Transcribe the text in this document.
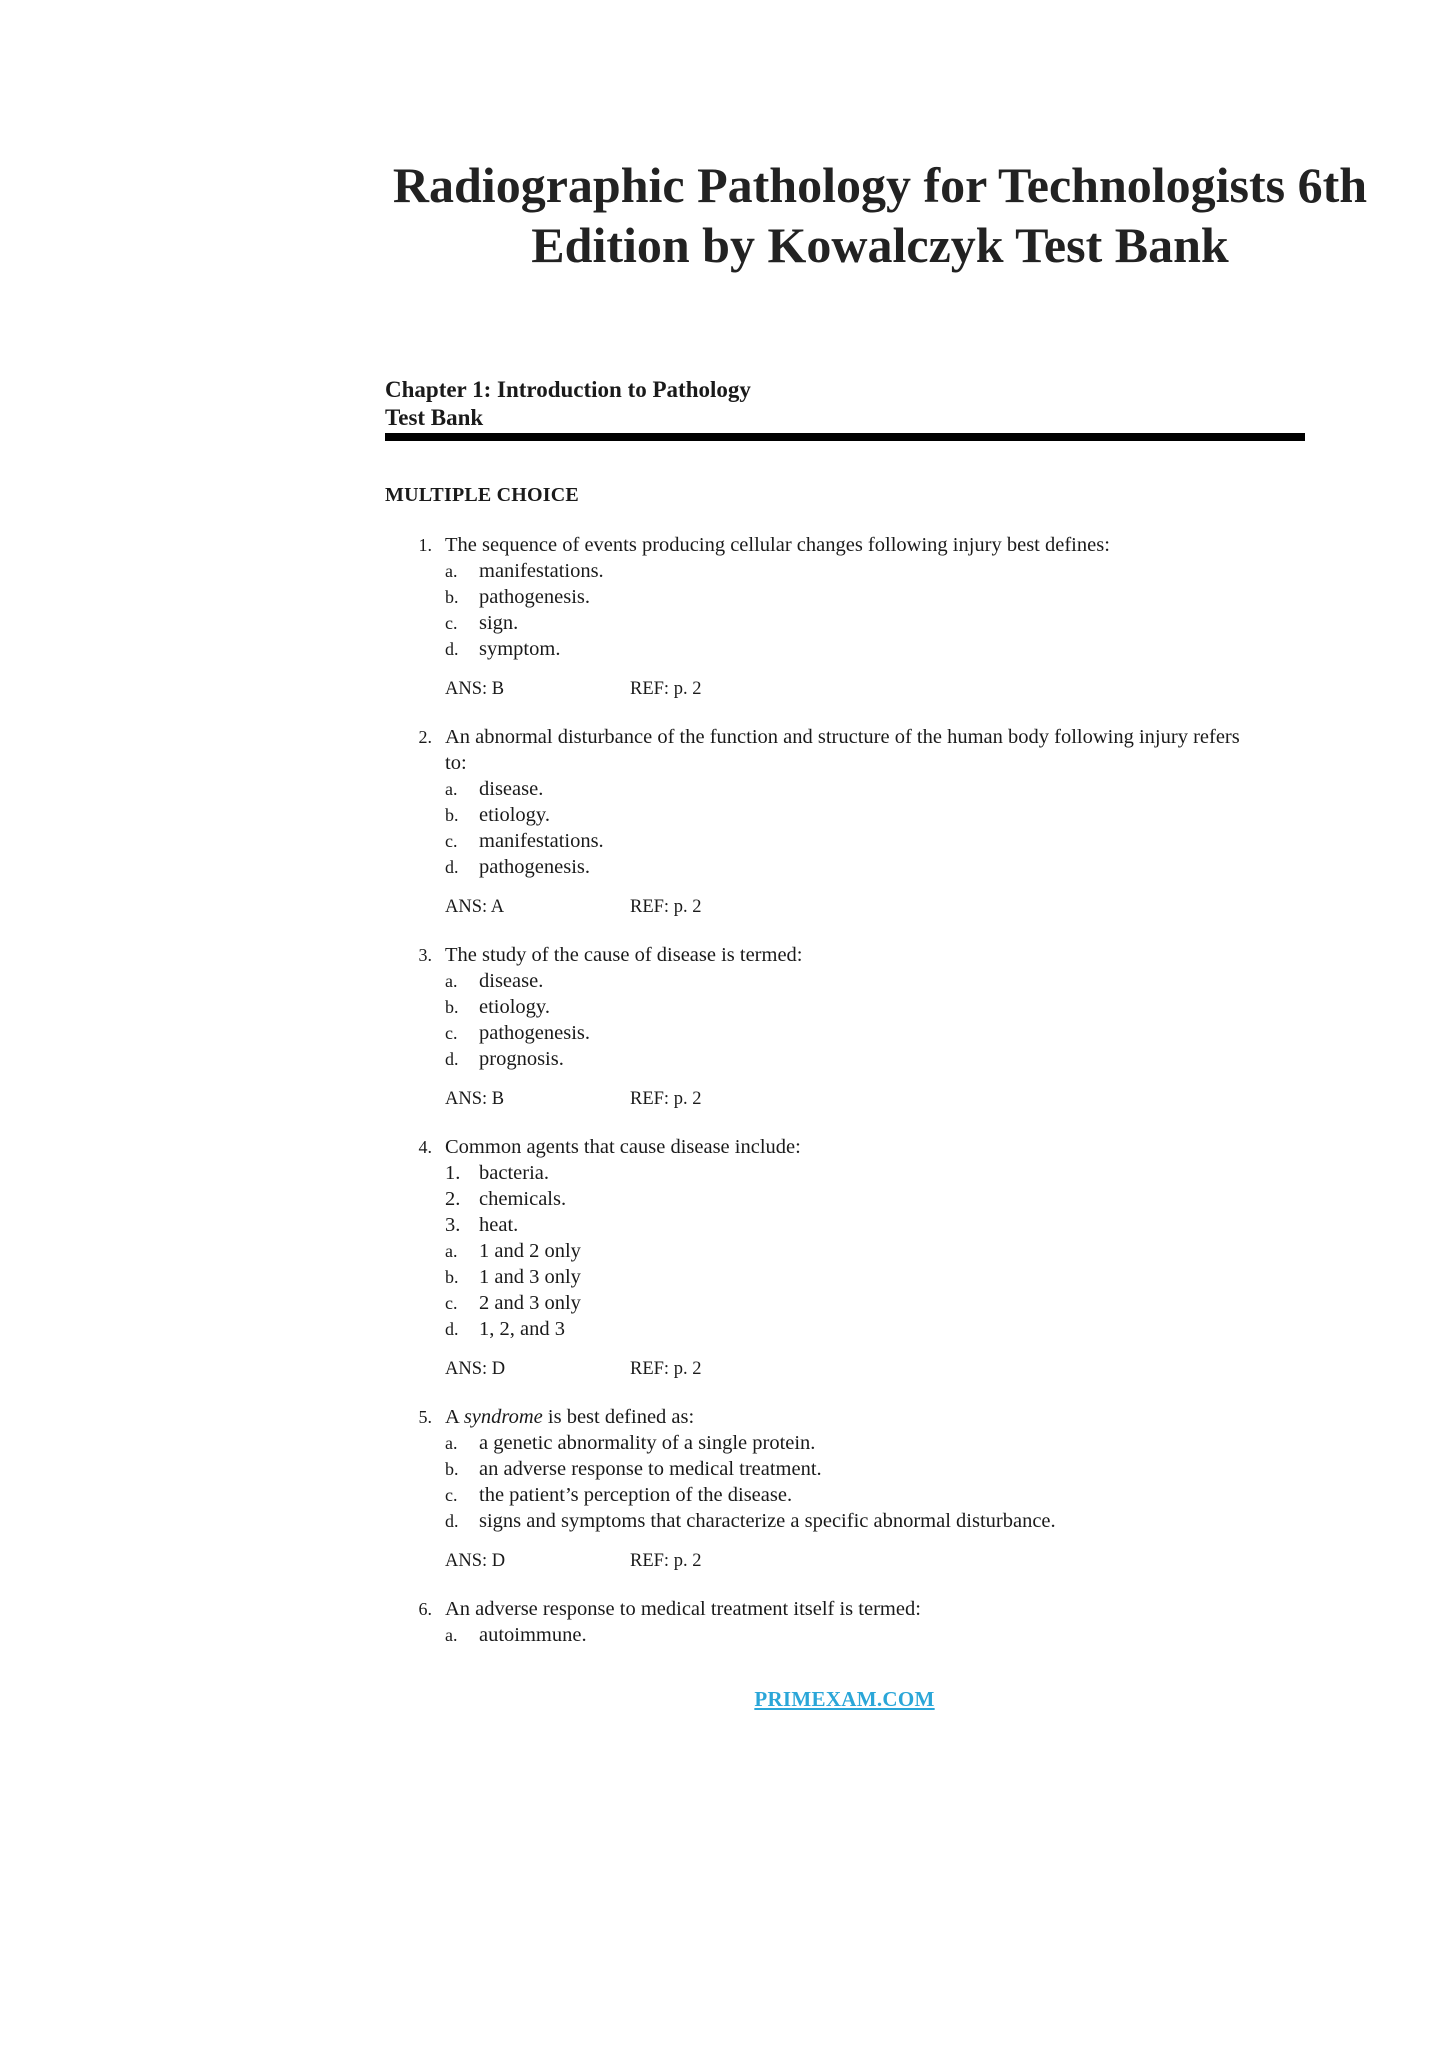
Radiographic Pathology for Technologists 6th
Edition by Kowalczyk Test Bank
Chapter 1: Introduction to Pathology
Test Bank
MULTIPLE CHOICE
1. The sequence of events producing cellular changes following injury best defines:
a. manifestations.
b. pathogenesis.
c. sign.
d. symptom.
ANS: B	REF: p. 2
2. An abnormal disturbance of the function and structure of the human body following injury refers to:
a. disease.
b. etiology.
c. manifestations.
d. pathogenesis.
ANS: A	REF: p. 2
3. The study of the cause of disease is termed:
a. disease.
b. etiology.
c. pathogenesis.
d. prognosis.
ANS: B	REF: p. 2
4. Common agents that cause disease include:
1. bacteria.
2. chemicals.
3. heat.
a. 1 and 2 only
b. 1 and 3 only
c. 2 and 3 only
d. 1, 2, and 3
ANS: D	REF: p. 2
5. A syndrome is best defined as:
a. a genetic abnormality of a single protein.
b. an adverse response to medical treatment.
c. the patient’s perception of the disease.
d. signs and symptoms that characterize a specific abnormal disturbance.
ANS: D	REF: p. 2
6. An adverse response to medical treatment itself is termed:
a. autoimmune.
PRIMEXAM.COM
